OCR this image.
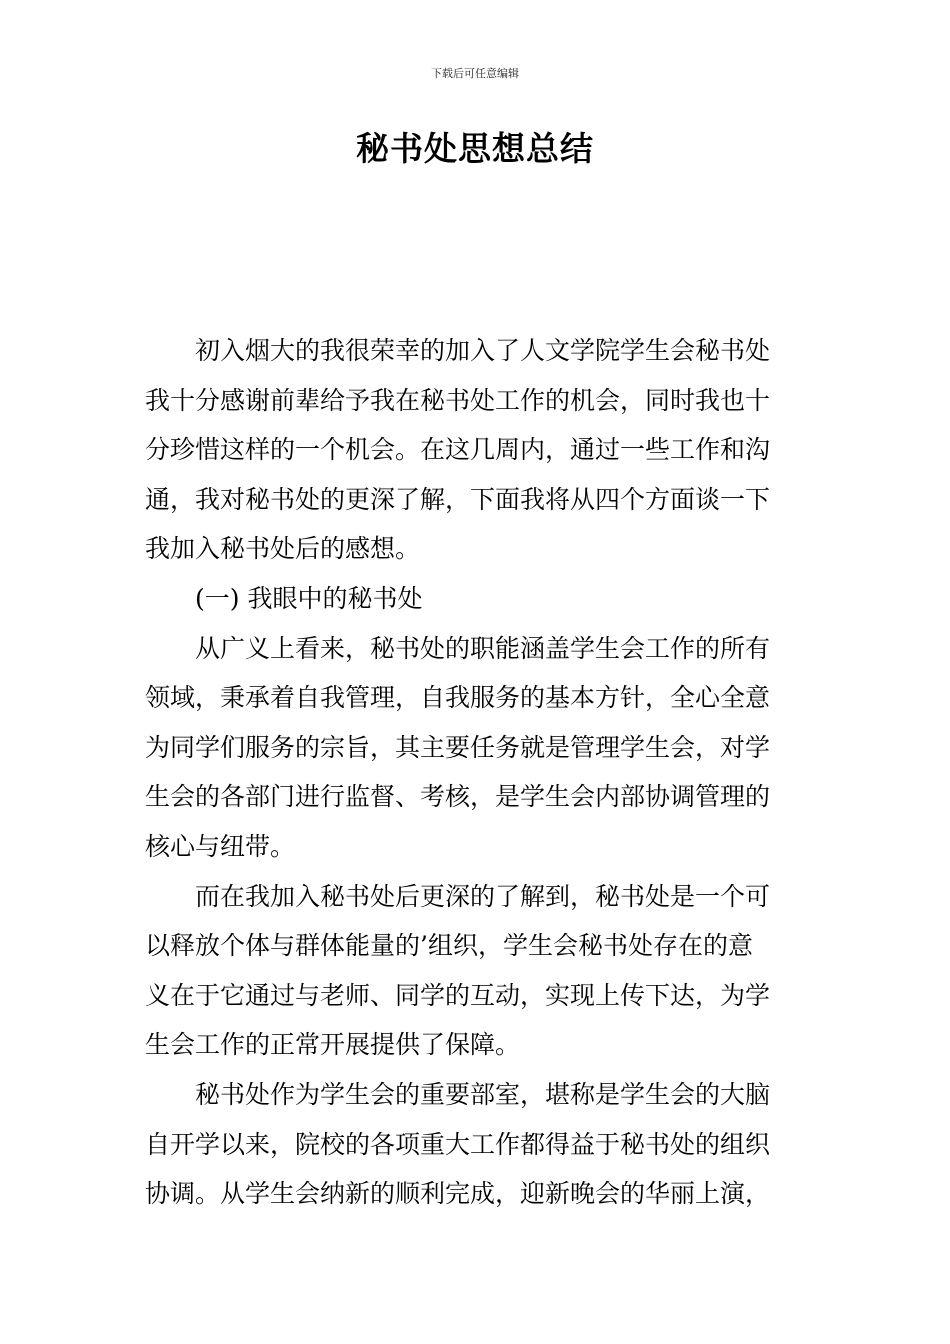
下载后可任意编辑
秘书处思想总结
初入烟大的我很荣幸的加入了人文学院学生会秘书处
我十分感谢前辈给予我在秘书处工作的机会，同时我也十
分珍惜这样的一个机会。在这几周内，通过一些工作和沟
通，我对秘书处的更深了解，下面我将从四个方面谈一下
我加入秘书处后的感想。
(一) 我眼中的秘书处
从广义上看来，秘书处的职能涵盖学生会工作的所有
领域，秉承着自我管理，自我服务的基本方针，全心全意
为同学们服务的宗旨，其主要任务就是管理学生会，对学
生会的各部门进行监督、考核，是学生会内部协调管理的
核心与纽带。
而在我加入秘书处后更深的了解到，秘书处是一个可
以释放个体与群体能量的’组织，学生会秘书处存在的意
义在于它通过与老师、同学的互动，实现上传下达，为学
生会工作的正常开展提供了保障。
秘书处作为学生会的重要部室，堪称是学生会的大脑
自开学以来，院校的各项重大工作都得益于秘书处的组织
协调。从学生会纳新的顺利完成，迎新晚会的华丽上演，
